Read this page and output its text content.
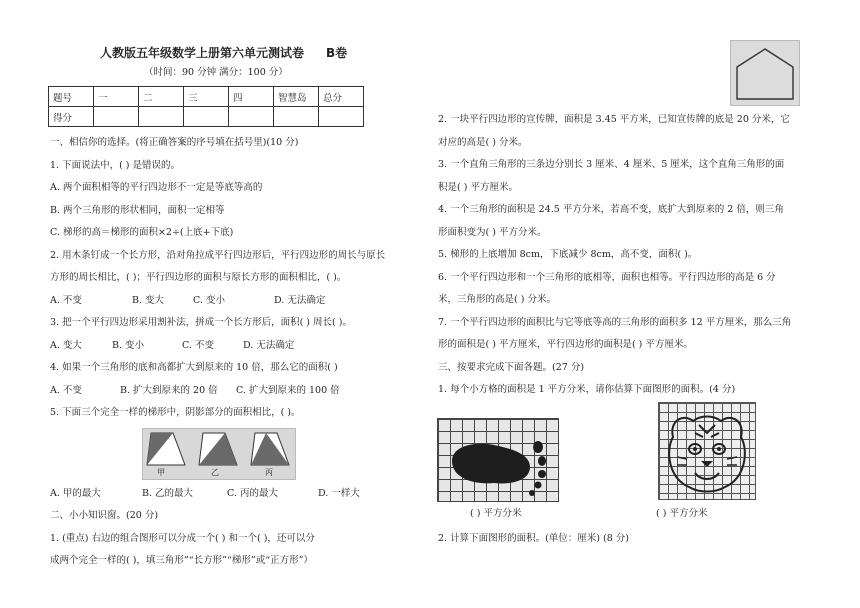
人教版五年级数学上册第六单元测试卷 B卷
（时间：90 分钟 满分：100 分）
题号	一	二	三	四	智慧岛	总分
得分						
一、相信你的选择。(将正确答案的序号填在括号里)(10 分)
1. 下面说法中，( ) 是错误的。
A. 两个面积相等的平行四边形不一定是等底等高的
B. 两个三角形的形状相同，面积一定相等
C. 梯形的高＝梯形的面积×2÷(上底+下底)
2. 用木条钉成一个长方形，沿对角拉成平行四边形后，平行四边形的周长与原长
方形的周长相比，( )；平行四边形的面积与原长方形的面积相比，( )。
A. 不变	B. 变大	C. 变小	D. 无法确定
3. 把一个平行四边形采用割补法，拼成一个长方形后，面积( ) 周长( )。
A. 变大	B. 变小	C. 不变	D. 无法确定
4. 如果一个三角形的底和高都扩大到原来的 10 倍，那么它的面积( )
A. 不变	B. 扩大到原来的 20 倍 C. 扩大到原来的 100 倍
5. 下面三个完全一样的梯形中，阴影部分的面积相比，( )。
甲	乙	丙
A. 甲的最大	B. 乙的最大	C. 丙的最大	D. 一样大
二、小小知识窗。(20 分)
1. (重点) 右边的组合图形可以分成一个( ) 和一个( )，还可以分
成两个完全一样的( )，填三角形”“长方形”“梯形”或“正方形”）
2. 一块平行四边形的宣传牌，面积是 3.45 平方米，已知宣传牌的底是 20 分米，它
对应的高是( ) 分米。
3. 一个直角三角形的三条边分别长 3 厘米、4 厘米、5 厘米，这个直角三角形的面
积是( ) 平方厘米。
4. 一个三角形的面积是 24.5 平方分米，若高不变，底扩大到原来的 2 倍，则三角
形面积变为( ) 平方分米。
5. 梯形的上底增加 8cm，下底减少 8cm，高不变，面积( )。
6. 一个平行四边形和一个三角形的底相等，面积也相等。平行四边形的高是 6 分
米，三角形的高是( ) 分米。
7. 一个平行四边形的面积比与它等底等高的三角形的面积多 12 平方厘米，那么三角
形的面积是( ) 平方厘米，平行四边形的面积是( ) 平方厘米。
三、按要求完成下面各题。(27 分)
1. 每个小方格的面积是 1 平方分米，请你估算下面图形的面积。(4 分)
( ) 平方分米	( ) 平方分米
2. 计算下面图形的面积。(单位：厘米) (8 分)
